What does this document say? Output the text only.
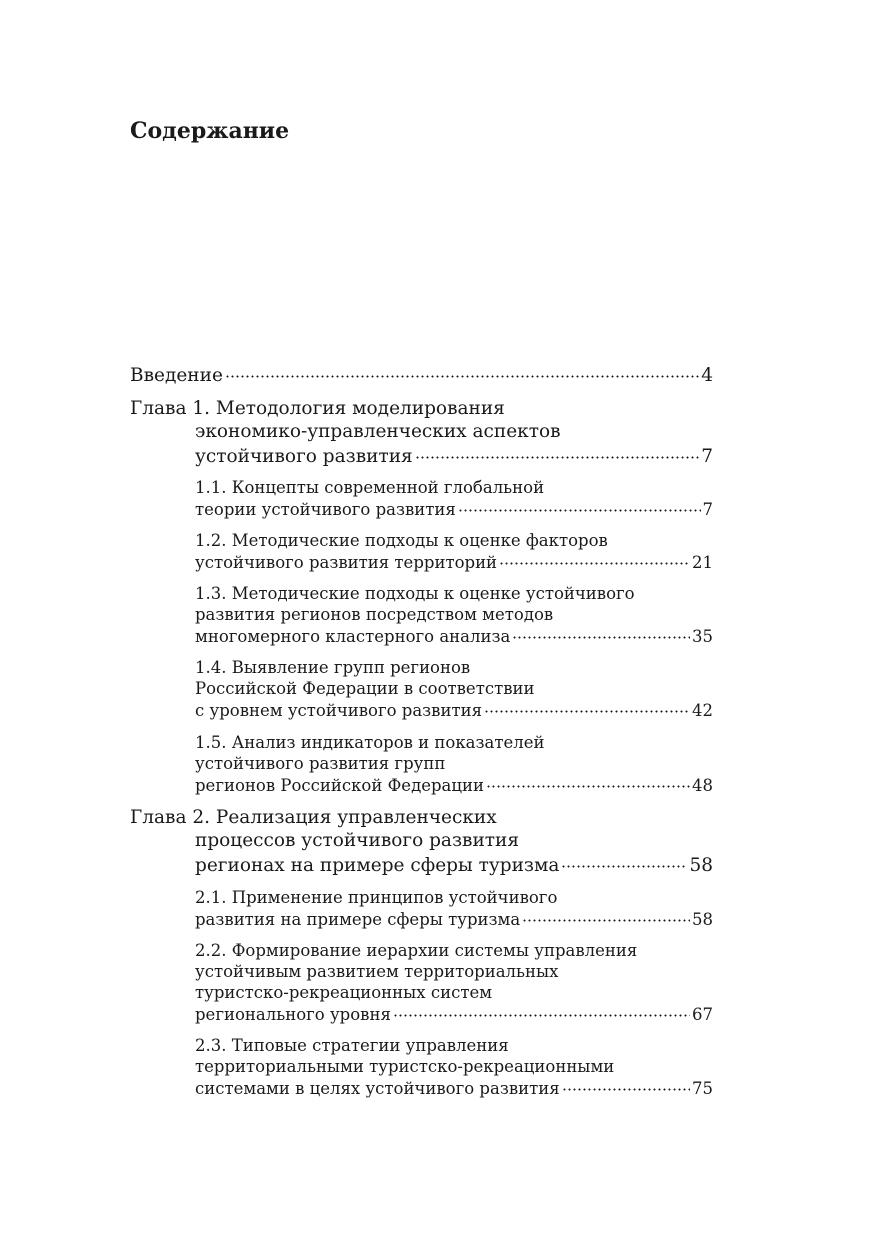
Содержание
Введение	4
Глава 1. Методология моделирования
экономико-управленческих аспектов
устойчивого развития	7
1.1. Концепты современной глобальной
теории устойчивого развития	7
1.2. Методические подходы к оценке факторов
устойчивого развития территорий	21
1.3. Методические подходы к оценке устойчивого
развития регионов посредством методов
многомерного кластерного анализа	35
1.4. Выявление групп регионов
Российской Федерации в соответствии
с уровнем устойчивого развития	42
1.5. Анализ индикаторов и показателей
устойчивого развития групп
регионов Российской Федерации	48
Глава 2. Реализация управленческих
процессов устойчивого развития
регионах на примере сферы туризма	58
2.1. Применение принципов устойчивого
развития на примере сферы туризма	58
2.2. Формирование иерархии системы управления
устойчивым развитием территориальных
туристско-рекреационных систем
регионального уровня	67
2.3. Типовые стратегии управления
территориальными туристско-рекреационными
системами в целях устойчивого развития	75
